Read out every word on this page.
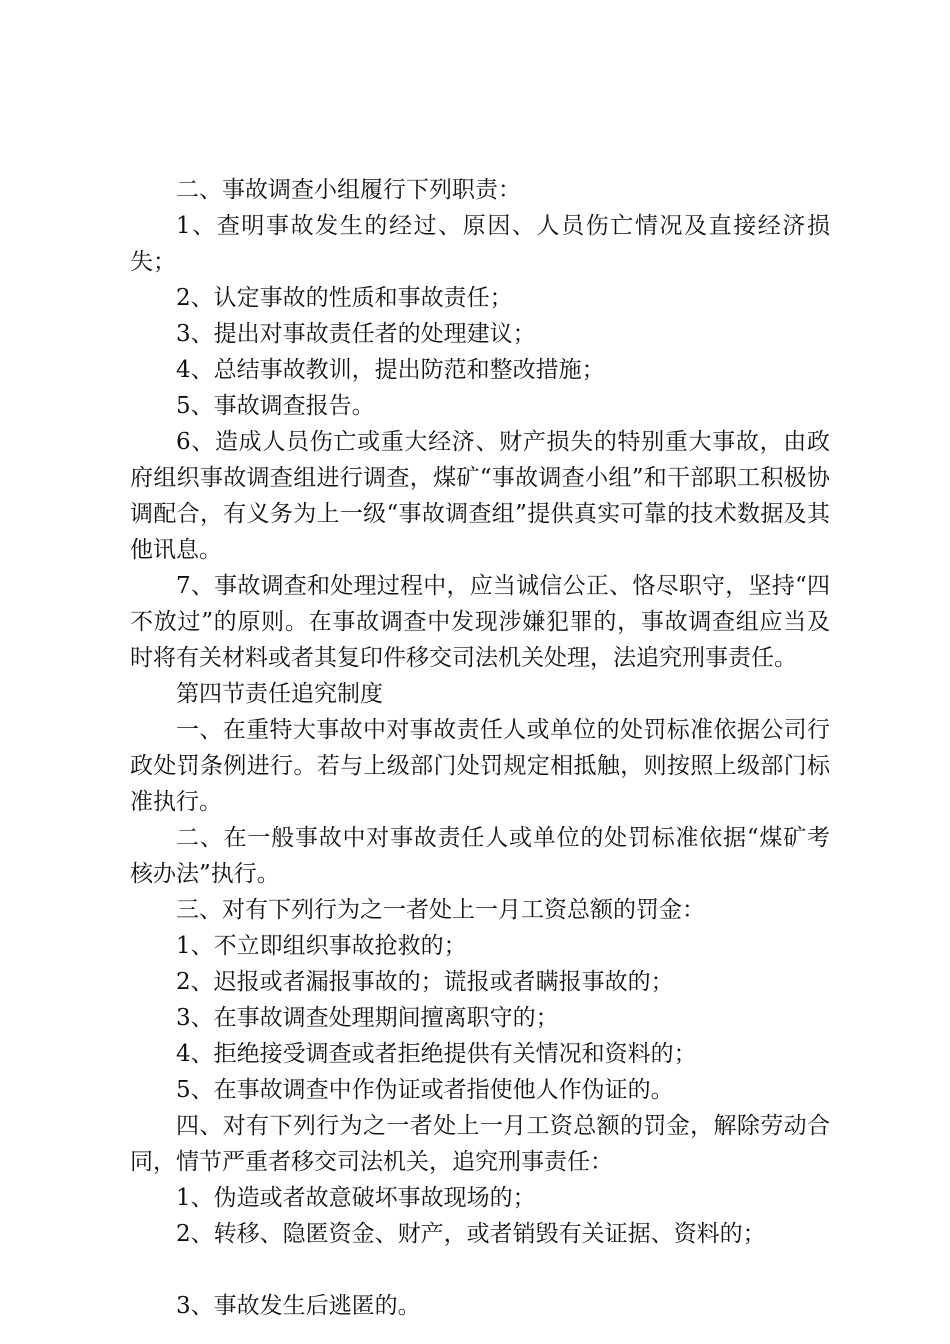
二、事故调查小组履行下列职责：

1、查明事故发生的经过、原因、人员伤亡情况及直接经济损失；

2、认定事故的性质和事故责任；

3、提出对事故责任者的处理建议；

4、总结事故教训，提出防范和整改措施；

5、事故调查报告。

6、造成人员伤亡或重大经济、财产损失的特别重大事故，由政府组织事故调查组进行调查，煤矿“事故调查小组”和干部职工积极协调配合，有义务为上一级“事故调查组”提供真实可靠的技术数据及其他讯息。

7、事故调查和处理过程中，应当诚信公正、恪尽职守，坚持“四不放过”的原则。在事故调查中发现涉嫌犯罪的，事故调查组应当及时将有关材料或者其复印件移交司法机关处理，法追究刑事责任。

第四节责任追究制度

一、在重特大事故中对事故责任人或单位的处罚标准依据公司行政处罚条例进行。若与上级部门处罚规定相抵触，则按照上级部门标准执行。

二、在一般事故中对事故责任人或单位的处罚标准依据“煤矿考核办法”执行。

三、对有下列行为之一者处上一月工资总额的罚金：

1、不立即组织事故抢救的；

2、迟报或者漏报事故的；谎报或者瞒报事故的；

3、在事故调查处理期间擅离职守的；

4、拒绝接受调查或者拒绝提供有关情况和资料的；

5、在事故调查中作伪证或者指使他人作伪证的。

四、对有下列行为之一者处上一月工资总额的罚金，解除劳动合同，情节严重者移交司法机关，追究刑事责任：

1、伪造或者故意破坏事故现场的；

2、转移、隐匿资金、财产，或者销毁有关证据、资料的；

3、事故发生后逃匿的。
